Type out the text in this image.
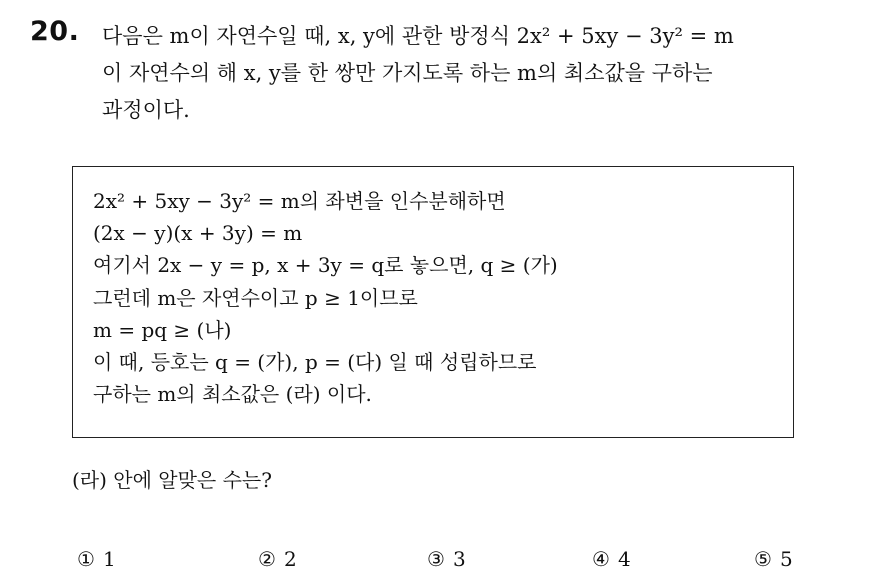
20. 다음은 m이 자연수일 때, x, y에 관한 방정식 2x² + 5xy − 3y² = m
이 자연수의 해 x, y를 한 쌍만 가지도록 하는 m의 최소값을 구하는
과정이다.
2x² + 5xy − 3y² = m의 좌변을 인수분해하면
(2x − y)(x + 3y) = m
여기서 2x − y = p, x + 3y = q로 놓으면, q ≥ (가)
그런데 m은 자연수이고 p ≥ 1이므로
m = pq ≥ (나)
이 때, 등호는 q = (가), p = (다) 일 때 성립하므로
구하는 m의 최소값은 (라) 이다.
(라) 안에 알맞은 수는?
① 1	② 2	③ 3	④ 4	⑤ 5
